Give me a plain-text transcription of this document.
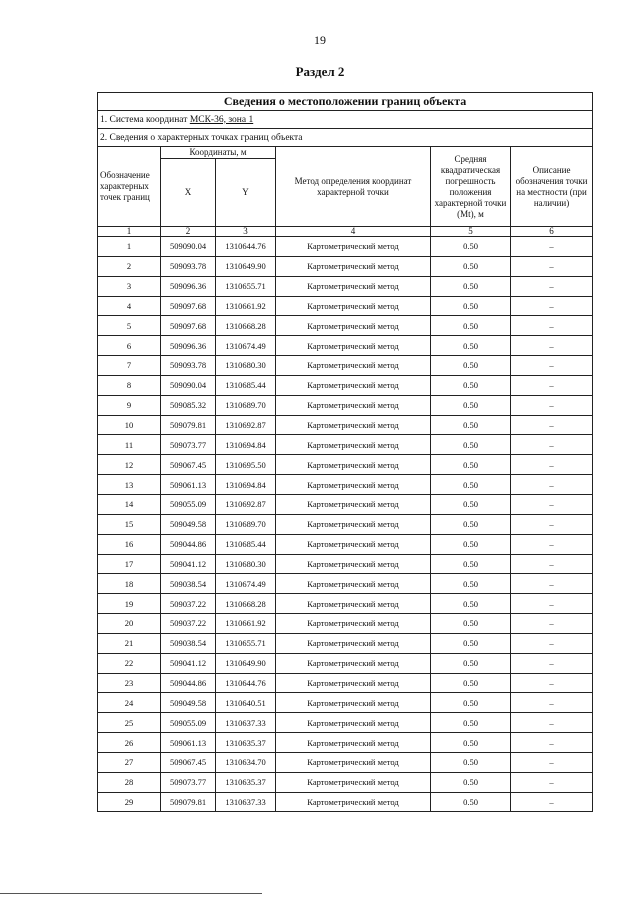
19
Раздел 2
Сведения о местоположении границ объекта					
1. Система координат МСК-36, зона 1					
2. Сведения о характерных точках границ объекта					
Обозначение характерных точек границ	Координаты, м		Метод определения координат характерной точки	Средняя квадратическая погрешность положения характерной точки (Mt), м	Описание обозначения точки на местности (при наличии)
	X	Y			
1	2	3	4	5	6
1	509090.04	1310644.76	Картометрический метод	0.50	–
2	509093.78	1310649.90	Картометрический метод	0.50	–
3	509096.36	1310655.71	Картометрический метод	0.50	–
4	509097.68	1310661.92	Картометрический метод	0.50	–
5	509097.68	1310668.28	Картометрический метод	0.50	–
6	509096.36	1310674.49	Картометрический метод	0.50	–
7	509093.78	1310680.30	Картометрический метод	0.50	–
8	509090.04	1310685.44	Картометрический метод	0.50	–
9	509085.32	1310689.70	Картометрический метод	0.50	–
10	509079.81	1310692.87	Картометрический метод	0.50	–
11	509073.77	1310694.84	Картометрический метод	0.50	–
12	509067.45	1310695.50	Картометрический метод	0.50	–
13	509061.13	1310694.84	Картометрический метод	0.50	–
14	509055.09	1310692.87	Картометрический метод	0.50	–
15	509049.58	1310689.70	Картометрический метод	0.50	–
16	509044.86	1310685.44	Картометрический метод	0.50	–
17	509041.12	1310680.30	Картометрический метод	0.50	–
18	509038.54	1310674.49	Картометрический метод	0.50	–
19	509037.22	1310668.28	Картометрический метод	0.50	–
20	509037.22	1310661.92	Картометрический метод	0.50	–
21	509038.54	1310655.71	Картометрический метод	0.50	–
22	509041.12	1310649.90	Картометрический метод	0.50	–
23	509044.86	1310644.76	Картометрический метод	0.50	–
24	509049.58	1310640.51	Картометрический метод	0.50	–
25	509055.09	1310637.33	Картометрический метод	0.50	–
26	509061.13	1310635.37	Картометрический метод	0.50	–
27	509067.45	1310634.70	Картометрический метод	0.50	–
28	509073.77	1310635.37	Картометрический метод	0.50	–
29	509079.81	1310637.33	Картометрический метод	0.50	–
